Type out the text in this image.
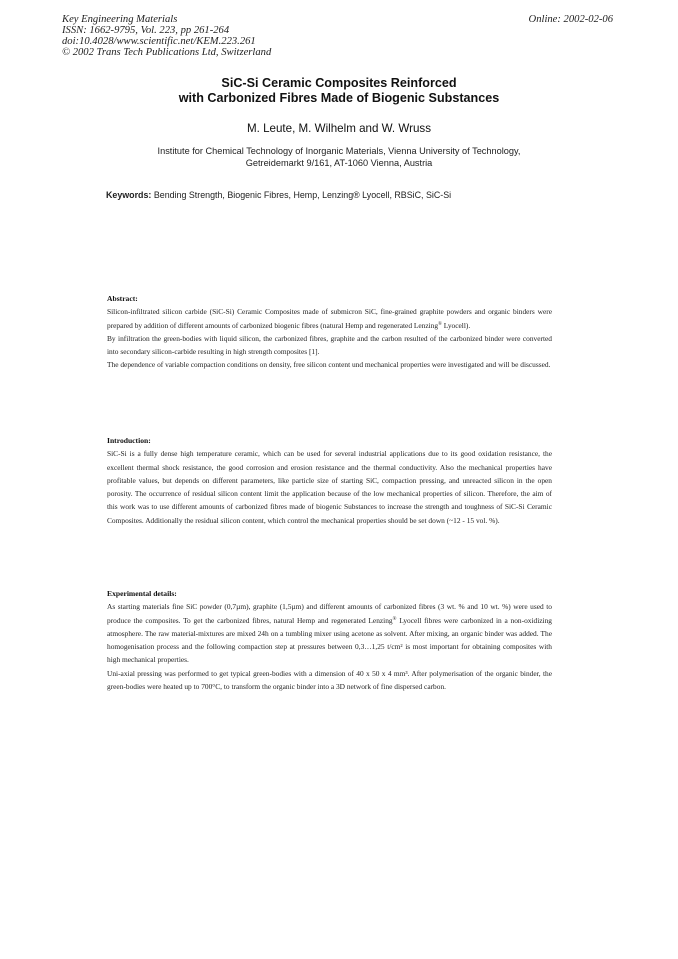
Key Engineering Materials
ISSN: 1662-9795, Vol. 223, pp 261-264
doi:10.4028/www.scientific.net/KEM.223.261
© 2002 Trans Tech Publications Ltd, Switzerland
Online: 2002-02-06
SiC-Si Ceramic Composites Reinforced
with Carbonized Fibres Made of Biogenic Substances
M. Leute, M. Wilhelm and W. Wruss
Institute for Chemical Technology of Inorganic Materials, Vienna University of Technology,
Getreidemarkt 9/161, AT-1060 Vienna, Austria
Keywords: Bending Strength, Biogenic Fibres, Hemp, Lenzing® Lyocell, RBSiC, SiC-Si
Abstract:

Silicon-infiltrated silicon carbide (SiC-Si) Ceramic Composites made of submicron SiC, fine-grained graphite powders and organic binders were prepared by addition of different amounts of carbonized biogenic fibres (natural Hemp and regenerated Lenzing® Lyocell).

By infiltration the green-bodies with liquid silicon, the carbonized fibres, graphite and the carbon resulted of the carbonized binder were converted into secondary silicon-carbide resulting in high strength composites [1].

The dependence of variable compaction conditions on density, free silicon content und mechanical properties were investigated and will be discussed.

Introduction:

SiC-Si is a fully dense high temperature ceramic, which can be used for several industrial applications due to its good oxidation resistance, the excellent thermal shock resistance, the good corrosion and erosion resistance and the thermal conductivity. Also the mechanical properties have profitable values, but depends on different parameters, like particle size of starting SiC, compaction pressing, and unreacted silicon in the open porosity. The occurrence of residual silicon content limit the application because of the low mechanical properties of silicon. Therefore, the aim of this work was to use different amounts of carbonized fibres made of biogenic Substances to increase the strength and toughness of SiC-Si Ceramic Composites. Additionally the residual silicon content, which control the mechanical properties should be set down (~12 - 15 vol. %).

Experimental details:

As starting materials fine SiC powder (0,7µm), graphite (1,5µm) and different amounts of carbonized fibres (3 wt. % and 10 wt. %) were used to produce the composites. To get the carbonized fibres, natural Hemp and regenerated Lenzing® Lyocell fibres were carbonized in a non-oxidizing atmosphere. The raw material-mixtures are mixed 24h on a tumbling mixer using acetone as solvent. After mixing, an organic binder was added. The homogenisation process and the following compaction step at pressures between 0,3…1,25 t/cm² is most important for obtaining composites with high mechanical properties.

Uni-axial pressing was performed to get typical green-bodies with a dimension of 40 x 50 x 4 mm³. After polymerisation of the organic binder, the green-bodies were heated up to 700°C, to transform the organic binder into a 3D network of fine dispersed carbon.
